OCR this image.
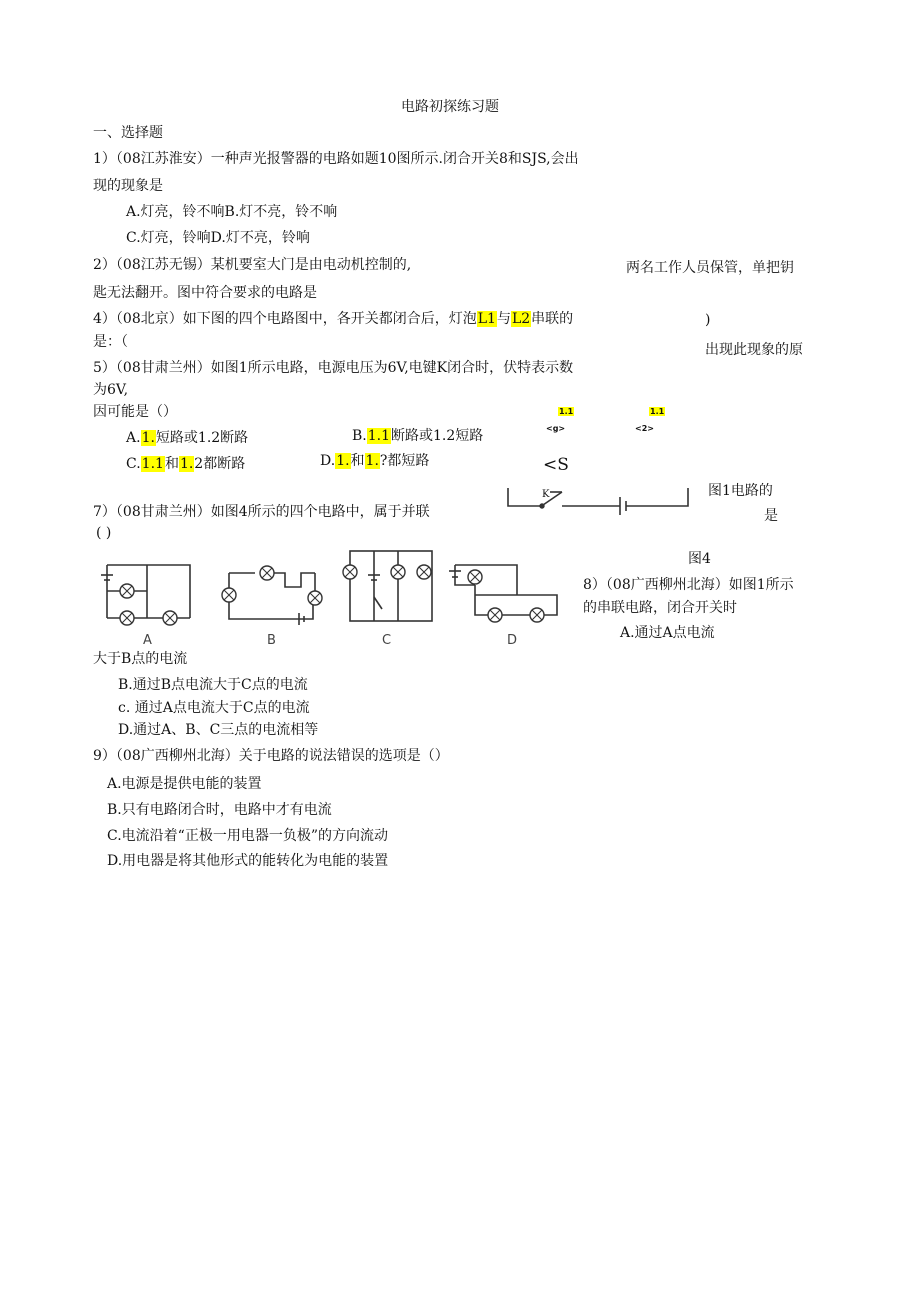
电路初探练习题
一、选择题
1）（08江苏淮安）一种声光报警器的电路如题10图所示.闭合开关8和SJS,会出
现的现象是
A.灯亮，铃不响B.灯不亮，铃不响
C.灯亮，铃响D.灯不亮，铃响
2）（08江苏无锡）某机要室大门是由电动机控制的,	两名工作人员保管，单把钥
匙无法翻开。图中符合要求的电路是
4）（08北京）如下图的四个电路图中，各开关都闭合后，灯泡L1与L2串联的	)
是：（
5）（08甘肃兰州）如图1所示电路，电源电压为6V,电键K闭合时，伏特表示数
出现此现象的原
为6V,
因可能是（）
A.1.短路或1.2断路	B.1.1断路或1.2短路
C.1.1和1.2都断路	D.1.和1.?都短路
1.1
<g>
1.1
<2>
<S
K	图1电路的
是
7）（08甘肃兰州）如图4所示的四个电路中，属于并联
( )
图4
A	B	C	D
8）（08广西柳州北海）如图1所示
的串联电路，闭合开关时
A.通过A点电流
大于B点的电流
B.通过B点电流大于C点的电流
c. 通过A点电流大于C点的电流
D.通过A、B、C三点的电流相等
9）（08广西柳州北海）关于电路的说法错误的选项是（）
A.电源是提供电能的装置
B.只有电路闭合时，电路中才有电流
C.电流沿着“正极一用电器一负极”的方向流动
D.用电器是将其他形式的能转化为电能的装置
